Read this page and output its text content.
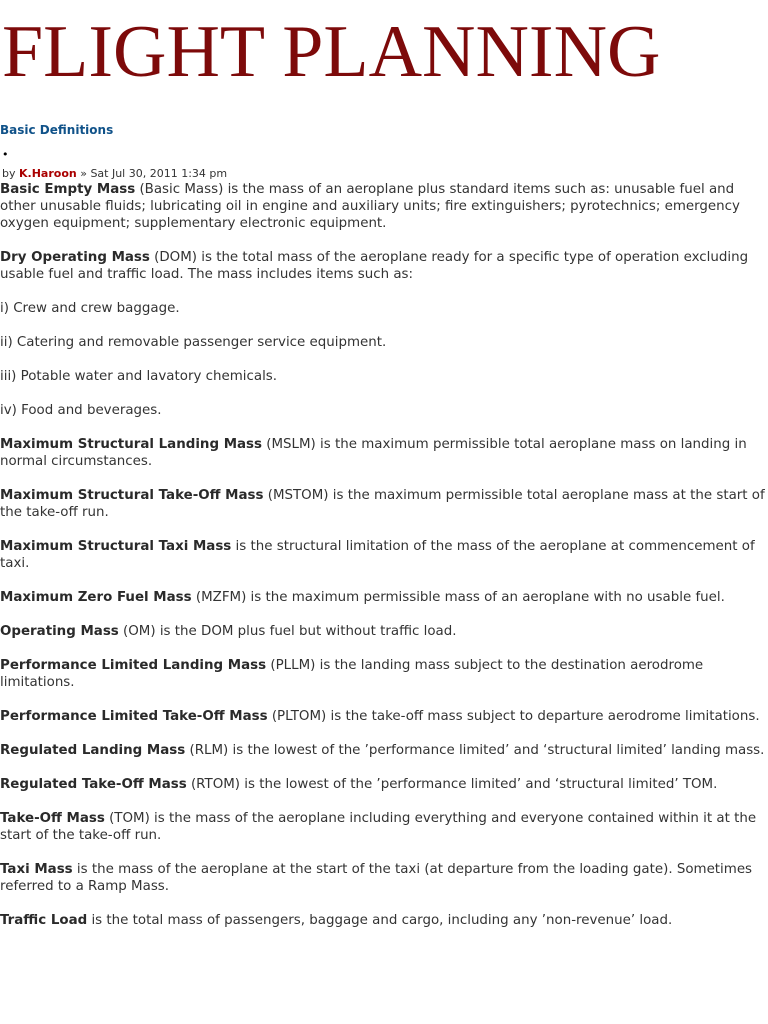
FLIGHT PLANNING
Basic Definitions
•
by K.Haroon » Sat Jul 30, 2011 1:34 pm

Basic Empty Mass (Basic Mass) is the mass of an aeroplane plus standard items such as: unusable fuel and other unusable fluids; lubricating oil in engine and auxiliary units; fire extinguishers; pyrotechnics; emergency oxygen equipment; supplementary electronic equipment.

Dry Operating Mass (DOM) is the total mass of the aeroplane ready for a specific type of operation excluding usable fuel and traffic load. The mass includes items such as:

i) Crew and crew baggage.

ii) Catering and removable passenger service equipment.

iii) Potable water and lavatory chemicals.

iv) Food and beverages.

Maximum Structural Landing Mass (MSLM) is the maximum permissible total aeroplane mass on landing in normal circumstances.

Maximum Structural Take-Off Mass (MSTOM) is the maximum permissible total aeroplane mass at the start of the take-off run.

Maximum Structural Taxi Mass is the structural limitation of the mass of the aeroplane at commencement of taxi.

Maximum Zero Fuel Mass (MZFM) is the maximum permissible mass of an aeroplane with no usable fuel.

Operating Mass (OM) is the DOM plus fuel but without traffic load.

Performance Limited Landing Mass (PLLM) is the landing mass subject to the destination aerodrome limitations.

Performance Limited Take-Off Mass (PLTOM) is the take-off mass subject to departure aerodrome limitations.

Regulated Landing Mass (RLM) is the lowest of the ’performance limited’ and ‘structural limited’ landing mass.

Regulated Take-Off Mass (RTOM) is the lowest of the ’performance limited’ and ‘structural limited’ TOM.

Take-Off Mass (TOM) is the mass of the aeroplane including everything and everyone contained within it at the start of the take-off run.

Taxi Mass is the mass of the aeroplane at the start of the taxi (at departure from the loading gate). Sometimes referred to a Ramp Mass.

Traffic Load is the total mass of passengers, baggage and cargo, including any ’non-revenue’ load.
